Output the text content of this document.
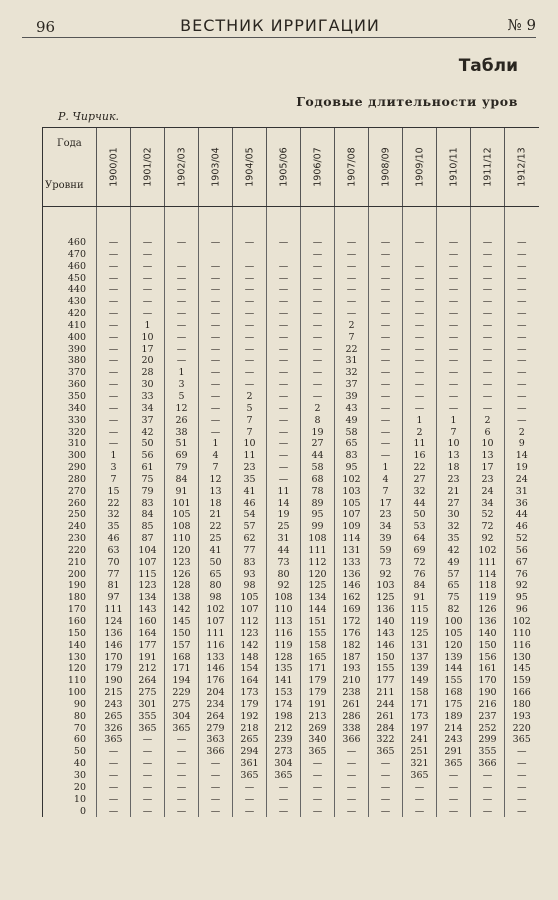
96	ВЕСТНИК ИРРИГАЦИИ	№ 9
Табли
Годовые длительности уров
Р. Чирчик.
Года
Уровни	1900/01	1901/02	1902/03	1903/04	1904/05	1905/06	1906/07	1907/08	1908/09	1909/10	1910/11	1911/12	1912/13

460	—	—	—	—	—	—	—	—	—	—	—	—	—
470	—	—					—	—	—		—	—	—
460	—	—	—	—	—	—	—	—	—	—	—	—	—
450	—	—	—	—	—	—	—	—	—	—	—	—	—
440	—	—	—	—	—	—	—	—	—	—	—	—	—
430	—	—	—	—	—	—	—	—	—	—	—	—	—
420	—	—	—	—	—	—	—	—	—	—	—	—	—
410	—	1	—	—	—	—	—	2	—	—	—	—	—
400	—	10	—	—	—	—	—	7	—	—	—	—	—
390	—	17	—	—	—	—	—	22	—	—	—	—	—
380	—	20	—	—	—	—	—	31	—	—	—	—	—
370	—	28	1	—	—	—	—	32	—	—	—	—	—
360	—	30	3	—	—	—	—	37	—	—	—	—	—
350	—	33	5	—	2	—	—	39	—	—	—	—	—
340	—	34	12	—	5	—	2	43	—	—	—	—	—
330	—	37	26	—	7	—	8	49	—	1	1	2	—
320	—	42	38	—	7	—	19	58	—	2	7	6	2
310	—	50	51	1	10	—	27	65	—	11	10	10	9
300	1	56	69	4	11	—	44	83	—	16	13	13	14
290	3	61	79	7	23	—	58	95	1	22	18	17	19
280	7	75	84	12	35	—	68	102	4	27	23	23	24
270	15	79	91	13	41	11	78	103	7	32	21	24	31
260	22	83	101	18	46	14	89	105	17	44	27	34	36
250	32	84	105	21	54	19	95	107	23	50	30	52	44
240	35	85	108	22	57	25	99	109	34	53	32	72	46
230	46	87	110	25	62	31	108	114	39	64	35	92	52
220	63	104	120	41	77	44	111	131	59	69	42	102	56
210	70	107	123	50	83	73	112	133	73	72	49	111	67
200	77	115	126	65	93	80	120	136	92	76	57	114	76
190	81	123	128	80	98	92	125	146	103	84	65	118	92
180	97	134	138	98	105	108	134	162	125	91	75	119	95
170	111	143	142	102	107	110	144	169	136	115	82	126	96
160	124	160	145	107	112	113	151	172	140	119	100	136	102
150	136	164	150	111	123	116	155	176	143	125	105	140	110
140	146	177	157	116	142	119	158	182	146	131	120	150	116
130	170	191	168	133	148	128	165	187	150	137	139	156	130
120	179	212	171	146	154	135	171	193	155	139	144	161	145
110	190	264	194	176	164	141	179	210	177	149	155	170	159
100	215	275	229	204	173	153	179	238	211	158	168	190	166
90	243	301	275	234	179	174	191	261	244	171	175	216	180
80	265	355	304	264	192	198	213	286	261	173	189	237	193
70	326	365	365	279	218	212	269	338	284	197	214	252	220
60	365	—	—	363	265	239	340	366	322	241	243	299	365
50	—	—	—	366	294	273	365	—	365	251	291	355	—
40	—	—	—	—	361	304	—	—	—	321	365	366	—
30	—	—	—	—	365	365	—	—	—	365	—	—	—
20	—	—	—	—	—	—	—	—	—	—	—	—	—
10	—	—	—	—	—	—	—	—	—	—	—	—	—
0	—	—	—	—	—	—	—	—	—	—	—	—	—
